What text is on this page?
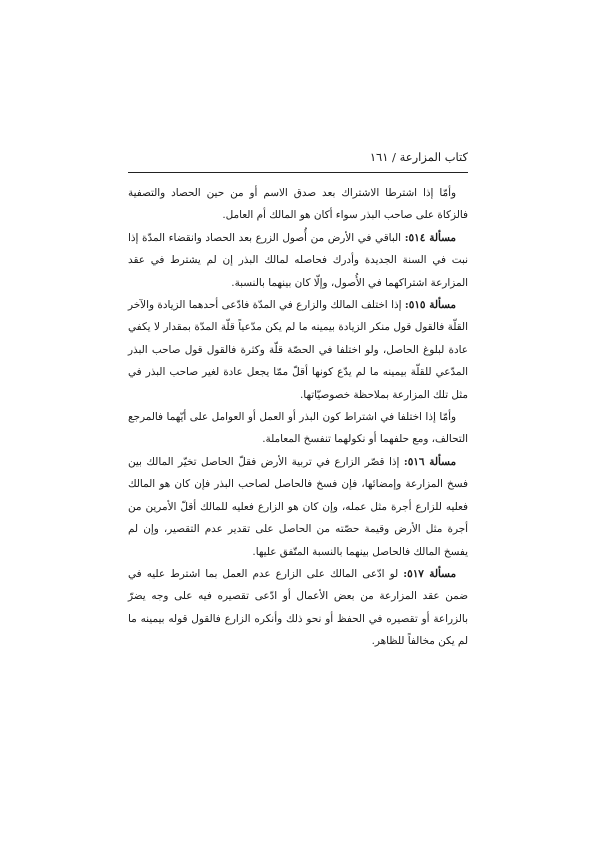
كتاب المزارعة / ١٦١

وأمّا إذا اشترطا الاشتراك بعد صدق الاسم أو من حين الحصاد والتصفية فالزكاة على صاحب البذر سواء أكان هو المالك أم العامل.

مسألة ٥١٤: الباقي في الأرض من أُصول الزرع بعد الحصاد وانقضاء المدّة إذا نبت في السنة الجديدة وأدرك فحاصله لمالك البذر إن لم يشترط في عقد المزارعة اشتراكهما في الأُصول، وإلّا كان بينهما بالنسبة.

مسألة ٥١٥: إذا اختلف المالك والزارع في المدّة فادّعى أحدهما الزيادة والآخر القلّة فالقول قول منكر الزيادة بيمينه ما لم يكن مدّعياً قلّة المدّة بمقدار لا يكفي عادة لبلوغ الحاصل، ولو اختلفا في الحصّة قلّة وكثرة فالقول قول صاحب البذر المدّعي للقلّة بيمينه ما لم يدّع كونها أقلّ ممّا يجعل عادة لغير صاحب البذر في مثل تلك المزارعة بملاحظة خصوصيّاتها.

وأمّا إذا اختلفا في اشتراط كون البذر أو العمل أو العوامل على أيّهما فالمرجع التحالف، ومع حلفهما أو نكولهما تنفسخ المعاملة.

مسألة ٥١٦: إذا قصّر الزارع في تربية الأرض فقلّ الحاصل تخيّر المالك بين فسخ المزارعة وإمضائها، فإن فسخ فالحاصل لصاحب البذر فإن كان هو المالك فعليه للزارع أجرة مثل عمله، وإن كان هو الزارع فعليه للمالك أقلّ الأمرين من أجرة مثل الأرض وقيمة حصّته من الحاصل على تقدير عدم التقصير، وإن لم يفسخ المالك فالحاصل بينهما بالنسبة المتّفق عليها.

مسألة ٥١٧: لو ادّعى المالك على الزارع عدم العمل بما اشترط عليه في ضمن عقد المزارعة من بعض الأعمال أو ادّعى تقصيره فيه على وجه يضرّ بالزراعة أو تقصيره في الحفظ أو نحو ذلك وأنكره الزارع فالقول قوله بيمينه ما لم يكن مخالفاً للظاهر.
